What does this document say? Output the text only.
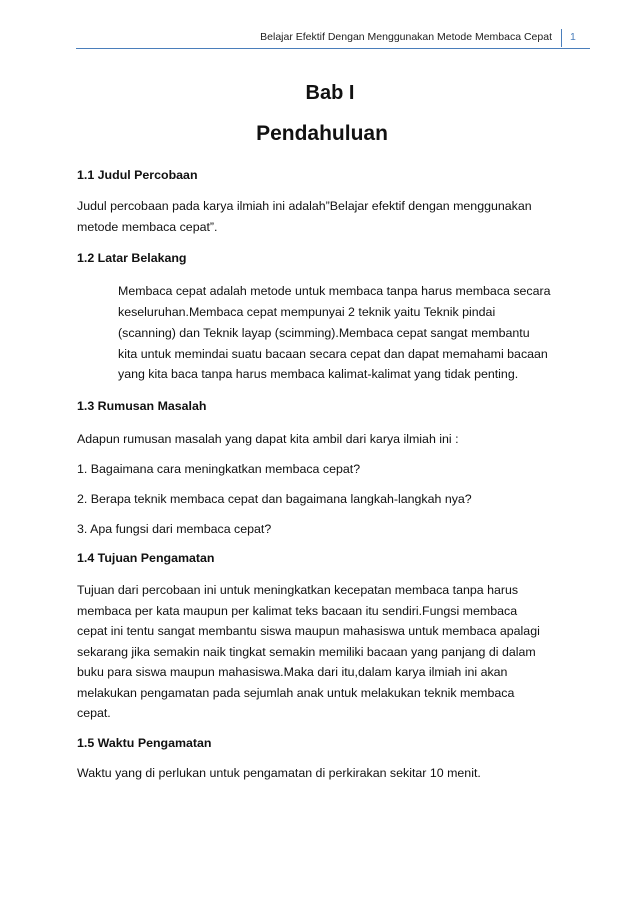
Belajar Efektif Dengan Menggunakan Metode Membaca Cepat 1
Bab I
Pendahuluan
1.1 Judul Percobaan
Judul percobaan pada karya ilmiah ini adalah”Belajar efektif dengan menggunakan
metode membaca cepat”.
1.2 Latar Belakang
Membaca cepat adalah metode untuk membaca tanpa harus membaca secara
keseluruhan.Membaca cepat mempunyai 2 teknik yaitu Teknik pindai
(scanning) dan Teknik layap (scimming).Membaca cepat sangat membantu
kita untuk memindai suatu bacaan secara cepat dan dapat memahami bacaan
yang kita baca tanpa harus membaca kalimat-kalimat yang tidak penting.
1.3 Rumusan Masalah
Adapun rumusan masalah yang dapat kita ambil dari karya ilmiah ini :
1. Bagaimana cara meningkatkan membaca cepat?
2. Berapa teknik membaca cepat dan bagaimana langkah-langkah nya?
3. Apa fungsi dari membaca cepat?
1.4 Tujuan Pengamatan
Tujuan dari percobaan ini untuk meningkatkan kecepatan membaca tanpa harus
membaca per kata maupun per kalimat teks bacaan itu sendiri.Fungsi membaca
cepat ini tentu sangat membantu siswa maupun mahasiswa untuk membaca apalagi
sekarang jika semakin naik tingkat semakin memiliki bacaan yang panjang di dalam
buku para siswa maupun mahasiswa.Maka dari itu,dalam karya ilmiah ini akan
melakukan pengamatan pada sejumlah anak untuk melakukan teknik membaca
cepat.
1.5 Waktu Pengamatan
Waktu yang di perlukan untuk pengamatan di perkirakan sekitar 10 menit.
